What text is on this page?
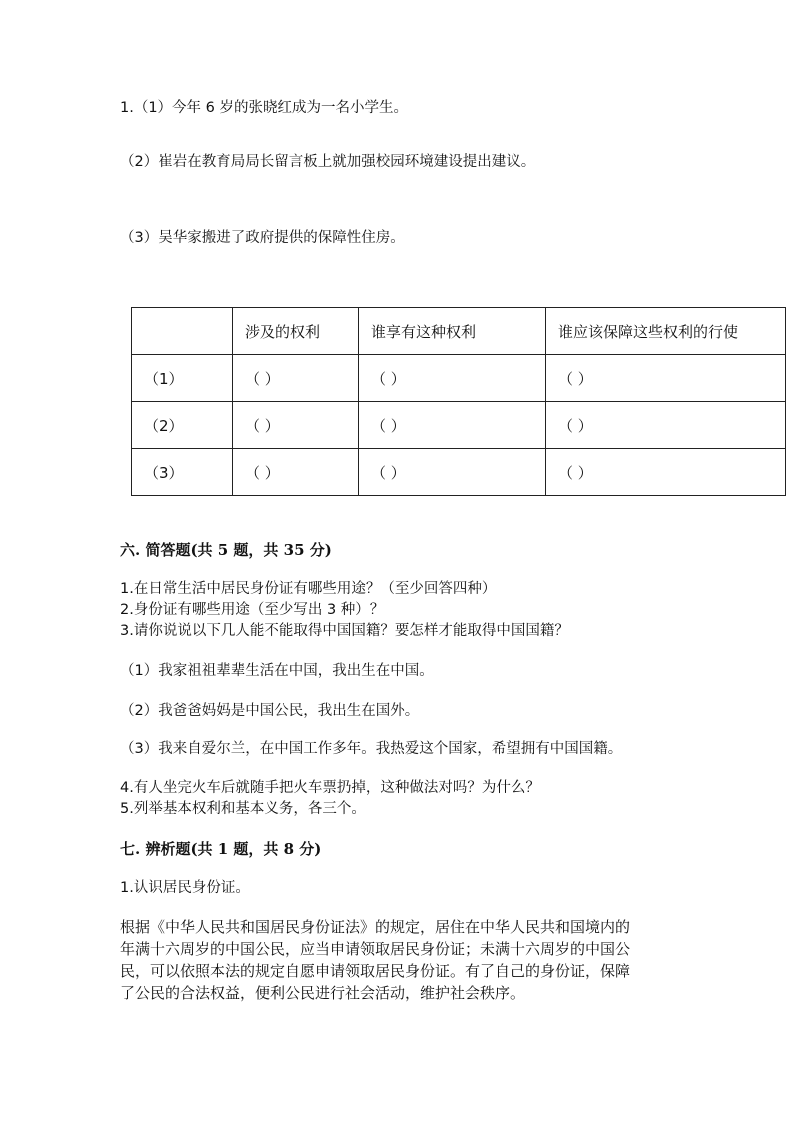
1.（1）今年 6 岁的张晓红成为一名小学生。
（2）崔岩在教育局局长留言板上就加强校园环境建设提出建议。
（3）吴华家搬进了政府提供的保障性住房。
	涉及的权利	谁享有这种权利	谁应该保障这些权利的行使
（1）	（ ）	（ ）	（ ）
（2）	（ ）	（ ）	（ ）
（3）	（ ）	（ ）	（ ）
六. 简答题(共 5 题，共 35 分)
1.在日常生活中居民身份证有哪些用途？（至少回答四种）
2.身份证有哪些用途（至少写出 3 种）？
3.请你说说以下几人能不能取得中国国籍？要怎样才能取得中国国籍？
（1）我家祖祖辈辈生活在中国，我出生在中国。
（2）我爸爸妈妈是中国公民，我出生在国外。
（3）我来自爱尔兰，在中国工作多年。我热爱这个国家，希望拥有中国国籍。
4.有人坐完火车后就随手把火车票扔掉，这种做法对吗？为什么？
5.列举基本权利和基本义务，各三个。
七. 辨析题(共 1 题，共 8 分)
1.认识居民身份证。
根据《中华人民共和国居民身份证法》的规定，居住在中华人民共和国境内的
年满十六周岁的中国公民，应当申请领取居民身份证；未满十六周岁的中国公
民，可以依照本法的规定自愿申请领取居民身份证。有了自己的身份证，保障
了公民的合法权益，便利公民进行社会活动，维护社会秩序。
